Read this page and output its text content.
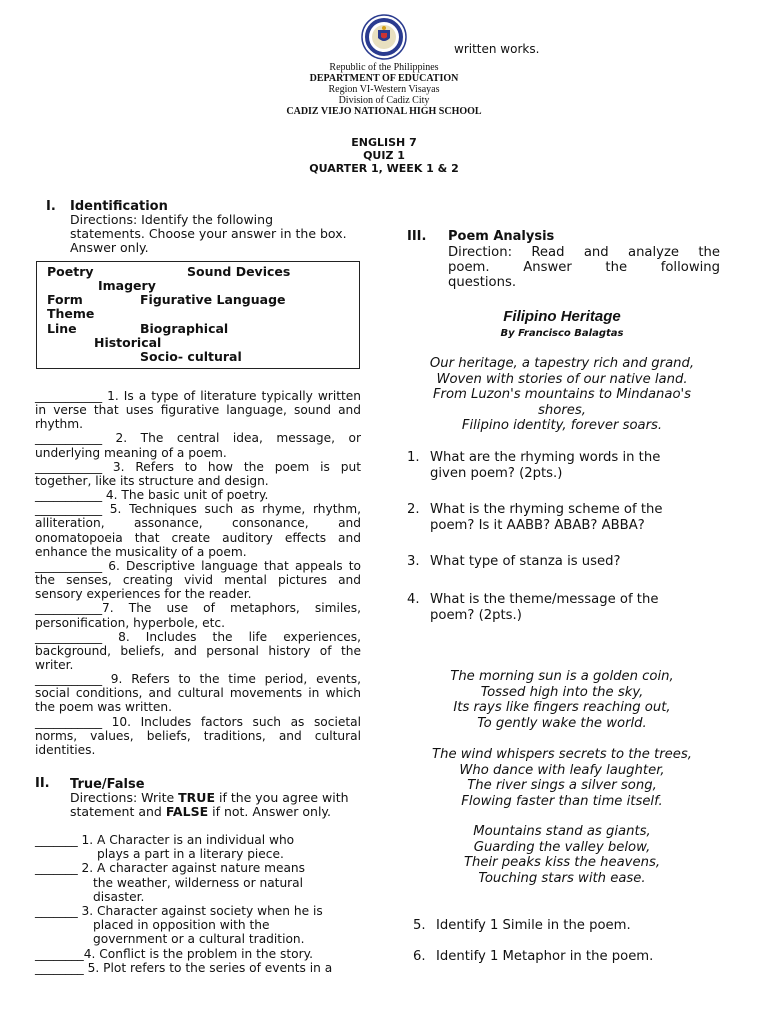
written works.
Republic of the Philippines
DEPARTMENT OF EDUCATION
Region VI-Western Visayas
Division of Cadiz City
CADIZ VIEJO NATIONAL HIGH SCHOOL
ENGLISH 7
QUIZ 1
QUARTER 1, WEEK 1 & 2
I. Identification
Directions: Identify the following
statements. Choose your answer in the box.
Answer only.
Poetry	Sound Devices
Imagery
Form	Figurative Language
Theme
Line	Biographical
Historical
Socio- cultural

___________ 1. Is a type of literature typically written in verse that uses figurative language, sound and rhythm.

___________ 2. The central idea, message, or underlying meaning of a poem.

___________ 3. Refers to how the poem is put together, like its structure and design.

___________ 4. The basic unit of poetry.

___________ 5. Techniques such as rhyme, rhythm, alliteration, assonance, consonance, and onomatopoeia that create auditory effects and enhance the musicality of a poem.

___________ 6. Descriptive language that appeals to the senses, creating vivid mental pictures and sensory experiences for the reader.

___________7. The use of metaphors, similes, personification, hyperbole, etc.

___________ 8. Includes the life experiences, background, beliefs, and personal history of the writer.

___________ 9. Refers to the time period, events, social conditions, and cultural movements in which the poem was written.

___________ 10. Includes factors such as societal norms, values, beliefs, traditions, and cultural identities.

II. True/False
Directions: Write TRUE if the you agree with
statement and FALSE if not. Answer only.

_______ 1. A Character is an individual who

plays a part in a literary piece.

_______ 2. A character against nature means

the weather, wilderness or natural

disaster.

_______ 3. Character against society when he is

placed in opposition with the

government or a cultural tradition.

________4. Conflict is the problem in the story.

________ 5. Plot refers to the series of events in a

III. Poem Analysis
Direction: Read and analyze the
poem. Answer the following
questions.
Filipino Heritage
By Francisco Balagtas
Our heritage, a tapestry rich and grand,
Woven with stories of our native land.
From Luzon's mountains to Mindanao's
shores,
Filipino identity, forever soars.
1. What are the rhyming words in the
given poem? (2pts.)
2. What is the rhyming scheme of the
poem? Is it AABB? ABAB? ABBA?
3. What type of stanza is used?
4. What is the theme/message of the
poem? (2pts.)
The morning sun is a golden coin,
Tossed high into the sky,
Its rays like fingers reaching out,
To gently wake the world.
The wind whispers secrets to the trees,
Who dance with leafy laughter,
The river sings a silver song,
Flowing faster than time itself.
Mountains stand as giants,
Guarding the valley below,
Their peaks kiss the heavens,
Touching stars with ease.
5. Identify 1 Simile in the poem.
6. Identify 1 Metaphor in the poem.
